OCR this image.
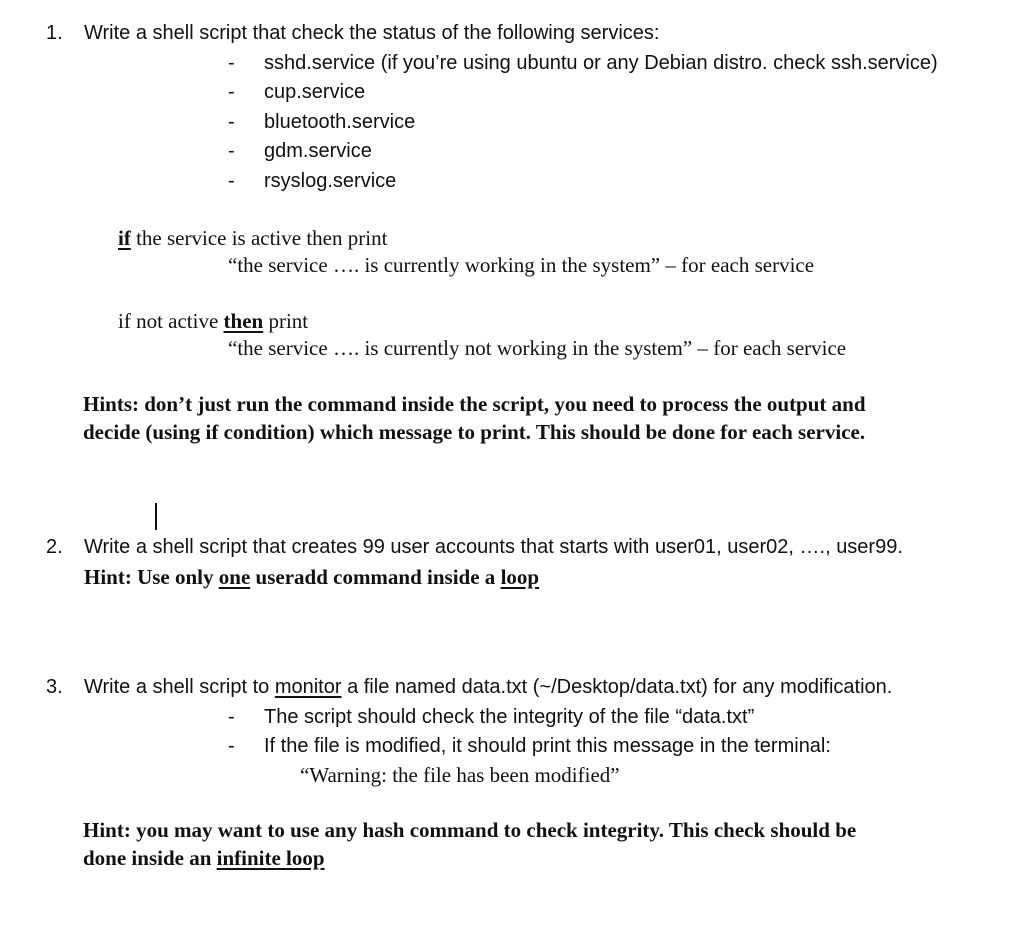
1. Write a shell script that check the status of the following services:
- sshd.service (if you’re using ubuntu or any Debian distro. check ssh.service)
- cup.service
- bluetooth.service
- gdm.service
- rsyslog.service
if the service is active then print
“the service …. is currently working in the system” – for each service
if not active then print
“the service …. is currently not working in the system” – for each service
Hints: don’t just run the command inside the script, you need to process the output and
decide (using if condition) which message to print. This should be done for each service.
2. Write a shell script that creates 99 user accounts that starts with user01, user02, …., user99.
Hint: Use only one useradd command inside a loop
3. Write a shell script to monitor a file named data.txt (~/Desktop/data.txt) for any modification.
- The script should check the integrity of the file “data.txt”
- If the file is modified, it should print this message in the terminal:
“Warning: the file has been modified”
Hint: you may want to use any hash command to check integrity. This check should be
done inside an infinite loop
